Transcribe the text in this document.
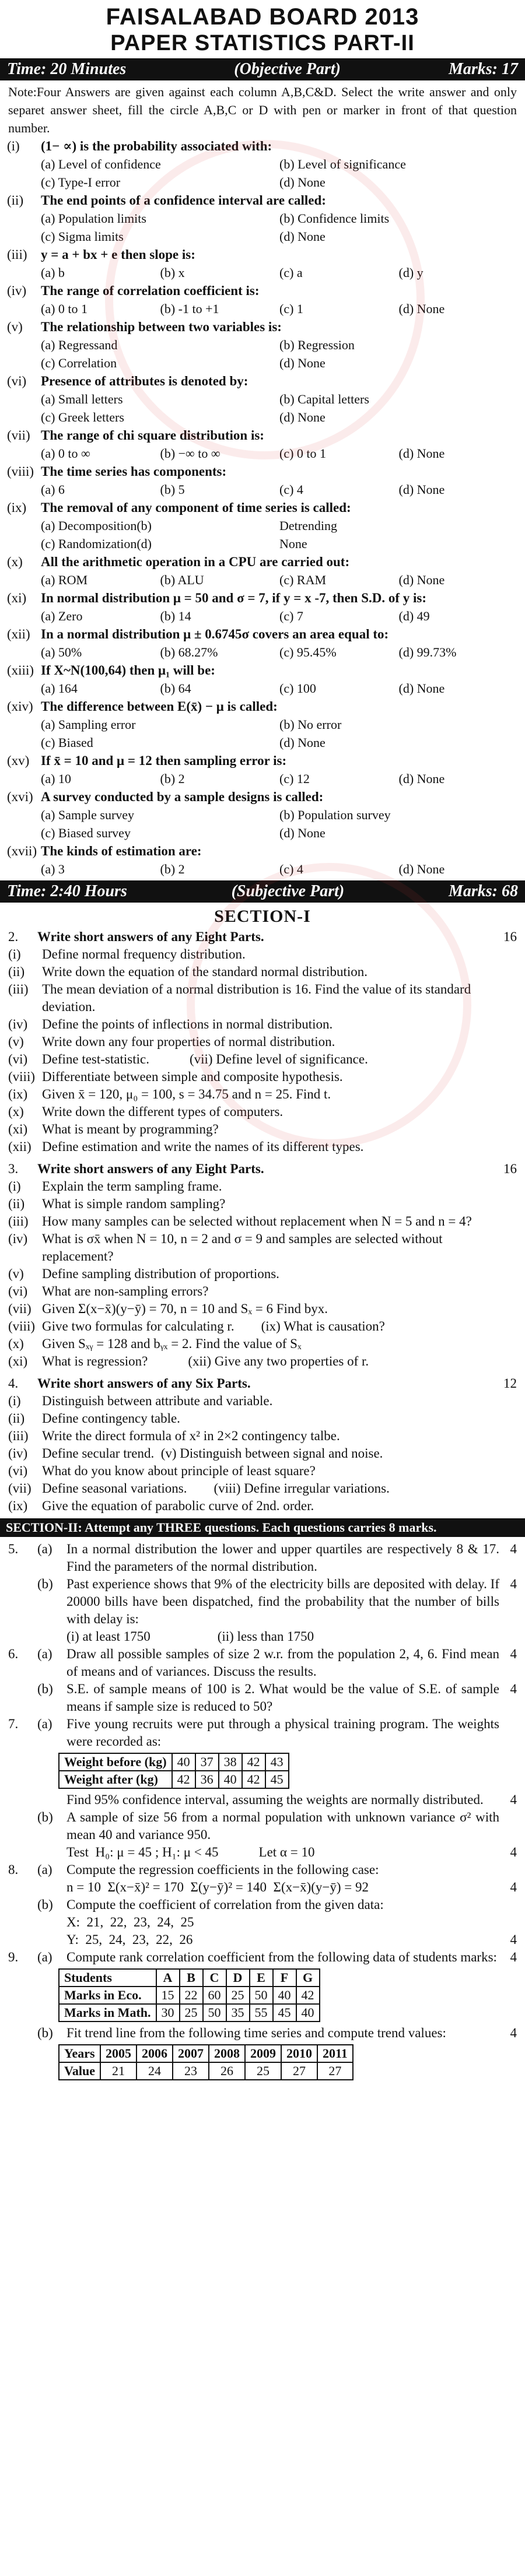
FAISALABAD BOARD 2013
PAPER STATISTICS PART-II
Time: 20 Minutes	(Objective Part)	Marks: 17
Note:Four Answers are given against each column A,B,C&D. Select the write answer and only separet answer sheet, fill the circle A,B,C or D with pen or marker in front of that question number.
(i)	(1− ∝) is the probability associated with:
(a) Level of confidence	(b) Level of significance
(c) Type-I error	(d) None
(ii)	The end points of a confidence interval are called:
(a) Population limits	(b) Confidence limits
(c) Sigma limits	(d) None
(iii)	y = a + bx + e then slope is:
(a) b	(b) x	(c) a	(d) y
(iv)	The range of correlation coefficient is:
(a) 0 to 1	(b) -1 to +1	(c) 1	(d) None
(v)	The relationship between two variables is:
(a) Regressand	(b) Regression
(c) Correlation	(d) None
(vi)	Presence of attributes is denoted by:
(a) Small letters	(b) Capital letters
(c) Greek letters	(d) None
(vii) The range of chi square distribution is:
(a) 0 to ∞	(b) −∞ to ∞	(c) 0 to 1	(d) None
(viii) The time series has components:
(a) 6	(b) 5	(c) 4	(d) None
(ix)	The removal of any component of time series is called:
(a) Decomposition(b)	Detrending
(c) Randomization(d)	None
(x)	All the arithmetic operation in a CPU are carried out:
(a) ROM	(b) ALU	(c) RAM	(d) None
(xi)	In normal distribution μ = 50 and σ = 7, if y = x -7, then S.D. of y is:
(a) Zero	(b) 14	(c) 7	(d) 49
(xii) In a normal distribution μ ± 0.6745σ covers an area equal to:
(a) 50%	(b) 68.27%	(c) 95.45%	(d) 99.73%
(xiii) If X~N(100,64) then μ₁ will be:
(a) 164	(b) 64	(c) 100	(d) None
(xiv) The difference between E(x̄) − μ is called:
(a) Sampling error	(b) No error
(c) Biased	(d) None
(xv) If x̄ = 10 and μ = 12 then sampling error is:
(a) 10	(b) 2	(c) 12	(d) None
(xvi) A survey conducted by a sample designs is called:
(a) Sample survey	(b) Population survey
(c) Biased survey	(d) None
(xvii) The kinds of estimation are:
(a) 3	(b) 2	(c) 4	(d) None
Time: 2:40 Hours	(Subjective Part)	Marks: 68
SECTION-I
2.	Write short answers of any Eight Parts.	16
(i)	Define normal frequency distribution.
(ii)	Write down the equation of the standard normal distribution.
(iii)	The mean deviation of a normal distribution is 16. Find the value of its standard deviation.
(iv)	Define the points of inflections in normal distribution.
(v)	Write down any four properties of normal distribution.
(vi)	Define test-statistic.            (vii) Define level of significance.
(viii) Differentiate between simple and composite hypothesis.
(ix)	Given x̄ = 120, μ₀ = 100, s = 34.75 and n = 25. Find t.
(x)	Write down the different types of computers.
(xi)	What is meant by programming?
(xii) Define estimation and write the names of its different types.
3.	Write short answers of any Eight Parts.	16
(i)	Explain the term sampling frame.
(ii)	What is simple random sampling?
(iii)	How many samples can be selected without replacement when N = 5 and n = 4?
(iv)	What is σx̄ when N = 10, n = 2 and σ = 9 and samples are selected without replacement?
(v)	Define sampling distribution of proportions.
(vi)	What are non-sampling errors?
(vii) Given Σ(x−x̄)(y−ȳ) = 70, n = 10 and Sₓ = 6 Find byx.
(viii) Give two formulas for calculating r.        (ix) What is causation?
(x)	Given Sₓᵧ = 128 and bᵧₓ = 2. Find the value of Sₓ
(xi)	What is regression?            (xii) Give any two properties of r.
4.	Write short answers of any Six Parts.	12
(i)	Distinguish between attribute and variable.
(ii)	Define contingency table.
(iii)	Write the direct formula of x² in 2×2 contingency talbe.
(iv)	Define secular trend.  (v) Distinguish between signal and noise.
(vi)	What do you know about principle of least square?
(vii) Define seasonal variations.        (viii) Define irregular variations.
(ix)	Give the equation of parabolic curve of 2nd. order.
SECTION-II: Attempt any THREE questions. Each questions carries 8 marks.
5.	(a)	In a normal distribution the lower and upper quartiles are respectively 8 & 17. Find the parameters of the normal distribution.
4
(b)	Past experience shows that 9% of the electricity bills are deposited with delay. If 20000 bills have been dispatched, find the probability that the number of bills with delay is:
4
(i) at least 1750                    (ii) less than 1750
6.	(a)	Draw all possible samples of size 2 w.r. from the population 2, 4, 6. Find mean of means and of variances. Discuss the results.
4
(b)	S.E. of sample means of 100 is 2. What would be the value of S.E. of sample means if sample size is reduced to 50?
4
7.	(a)	Five young recruits were put through a physical training program. The weights were recorded as:
Weight before (kg)	40	37	38	42	43
Weight after (kg)	42	36	40	42	45
Find 95% confidence interval, assuming the weights are normally distributed.	4
(b)	A sample of size 56 from a normal population with unknown variance σ² with mean 40 and variance 950.
Test  H₀: μ = 45 ; H₁: μ < 45            Let α = 10	4
8.	(a)	Compute the regression coefficients in the following case:
n = 10  Σ(x−x̄)² = 170  Σ(y−ȳ)² = 140  Σ(x−x̄)(y−ȳ) = 92	4
(b)	Compute the coefficient of correlation from the given data:
X:  21,  22,  23,  24,  25
Y:  25,  24,  23,  22,  26	4
9.	(a)	Compute rank correlation coefficient from the following data of students marks: 4
Students	A	B	C	D	E	F	G
Marks in Eco.	15	22	60	25	50	40	42
Marks in Math.	30	25	50	35	55	45	40
(b)	Fit trend line from the following time series and compute trend values:	4
Years	2005	2006	2007	2008	2009	2010	2011
Value	21	24	23	26	25	27	27
